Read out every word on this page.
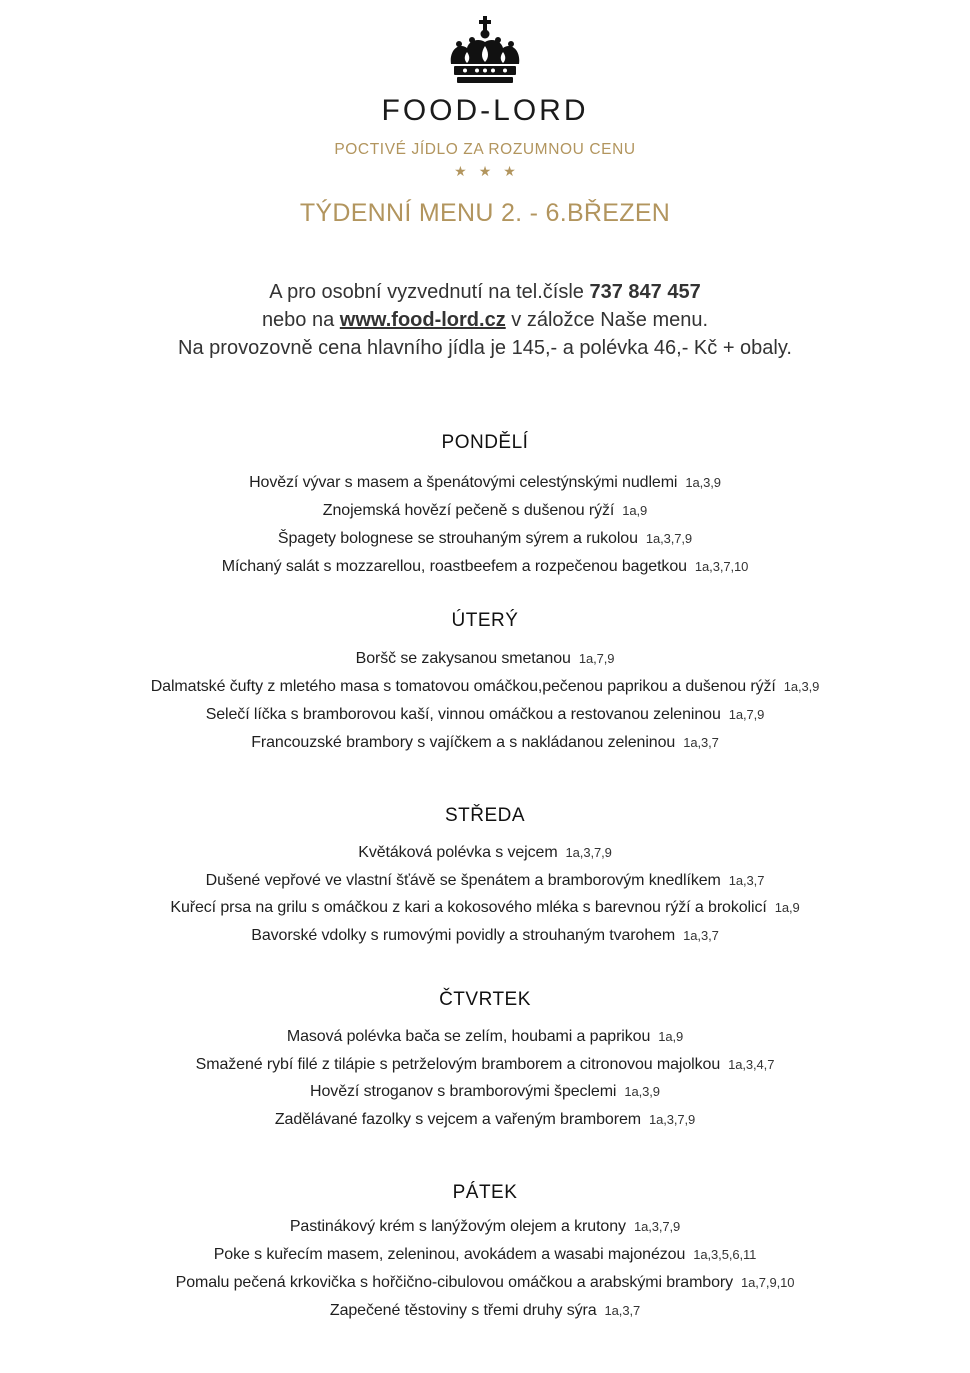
FOOD-LORD
POCTIVÉ JÍDLO ZA ROZUMNOU CENU
★★★
TÝDENNÍ MENU 2. - 6.BŘEZEN
A pro osobní vyzvednutí na tel.čísle 737 847 457
nebo na www.food-lord.cz v záložce Naše menu.
Na provozovně cena hlavního jídla je 145,- a polévka 46,- Kč + obaly.
PONDĚLÍ
Hovězí vývar s masem a špenátovými celestýnskými nudlemi 1a,3,9
Znojemská hovězí pečeně s dušenou rýží 1a,9
Špagety bolognese se strouhaným sýrem a rukolou 1a,3,7,9
Míchaný salát s mozzarellou, roastbeefem a rozpečenou bagetkou 1a,3,7,10
ÚTERÝ
Boršč se zakysanou smetanou 1a,7,9
Dalmatské čufty z mletého masa s tomatovou omáčkou,pečenou paprikou a dušenou rýží 1a,3,9
Selečí líčka s bramborovou kaší, vinnou omáčkou a restovanou zeleninou 1a,7,9
Francouzské brambory s vajíčkem a s nakládanou zeleninou 1a,3,7
STŘEDA
Květáková polévka s vejcem 1a,3,7,9
Dušené vepřové ve vlastní šťávě se špenátem a bramborovým knedlíkem 1a,3,7
Kuřecí prsa na grilu s omáčkou z kari a kokosového mléka s barevnou rýží a brokolicí 1a,9
Bavorské vdolky s rumovými povidly a strouhaným tvarohem 1a,3,7
ČTVRTEK
Masová polévka bača se zelím, houbami a paprikou 1a,9
Smažené rybí filé z tilápie s petrželovým bramborem a citronovou majolkou 1a,3,4,7
Hovězí stroganov s bramborovými špeclemi 1a,3,9
Zadělávané fazolky s vejcem a vařeným bramborem 1a,3,7,9
PÁTEK
Pastinákový krém s lanýžovým olejem a krutony 1a,3,7,9
Poke s kuřecím masem, zeleninou, avokádem a wasabi majonézou 1a,3,5,6,11
Pomalu pečená krkovička s hořčično-cibulovou omáčkou a arabskými brambory 1a,7,9,10
Zapečené těstoviny s třemi druhy sýra 1a,3,7
